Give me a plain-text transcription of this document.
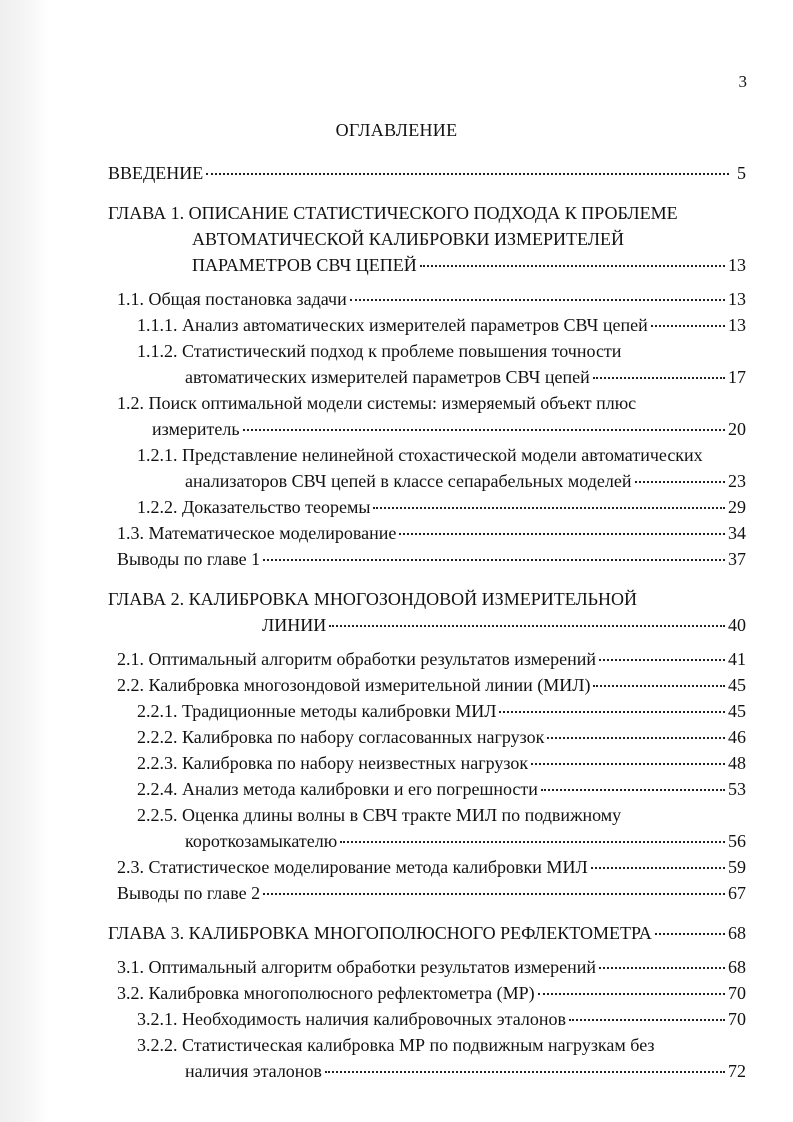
3
ОГЛАВЛЕНИЕ
ВВЕДЕНИЕ	5
ГЛАВА 1. ОПИСАНИЕ СТАТИСТИЧЕСКОГО ПОДХОДА К ПРОБЛЕМЕ
АВТОМАТИЧЕСКОЙ КАЛИБРОВКИ ИЗМЕРИТЕЛЕЙ
ПАРАМЕТРОВ СВЧ ЦЕПЕЙ	13
1.1. Общая постановка задачи	13
1.1.1. Анализ автоматических измерителей параметров СВЧ цепей	13
1.1.2. Статистический подход к проблеме повышения точности
автоматических измерителей параметров СВЧ цепей	17
1.2. Поиск оптимальной модели системы: измеряемый объект плюс
измеритель	20
1.2.1. Представление нелинейной стохастической модели автоматических
анализаторов СВЧ цепей в классе сепарабельных моделей	23
1.2.2. Доказательство теоремы	29
1.3. Математическое моделирование	34
Выводы по главе 1	37
ГЛАВА 2. КАЛИБРОВКА МНОГОЗОНДОВОЙ ИЗМЕРИТЕЛЬНОЙ
ЛИНИИ	40
2.1. Оптимальный алгоритм обработки результатов измерений	41
2.2. Калибровка многозондовой измерительной линии (МИЛ)	45
2.2.1. Традиционные методы калибровки МИЛ	45
2.2.2. Калибровка по набору согласованных нагрузок	46
2.2.3. Калибровка по набору неизвестных нагрузок	48
2.2.4. Анализ метода калибровки и его погрешности	53
2.2.5. Оценка длины волны в СВЧ тракте МИЛ по подвижному
короткозамыкателю	56
2.3. Статистическое моделирование метода калибровки МИЛ	59
Выводы по главе 2	67
ГЛАВА 3. КАЛИБРОВКА МНОГОПОЛЮСНОГО РЕФЛЕКТОМЕТРА	68
3.1. Оптимальный алгоритм обработки результатов измерений	68
3.2. Калибровка многополюсного рефлектометра (МР)	70
3.2.1. Необходимость наличия калибровочных эталонов	70
3.2.2. Статистическая калибровка МР по подвижным нагрузкам без
наличия эталонов	72
